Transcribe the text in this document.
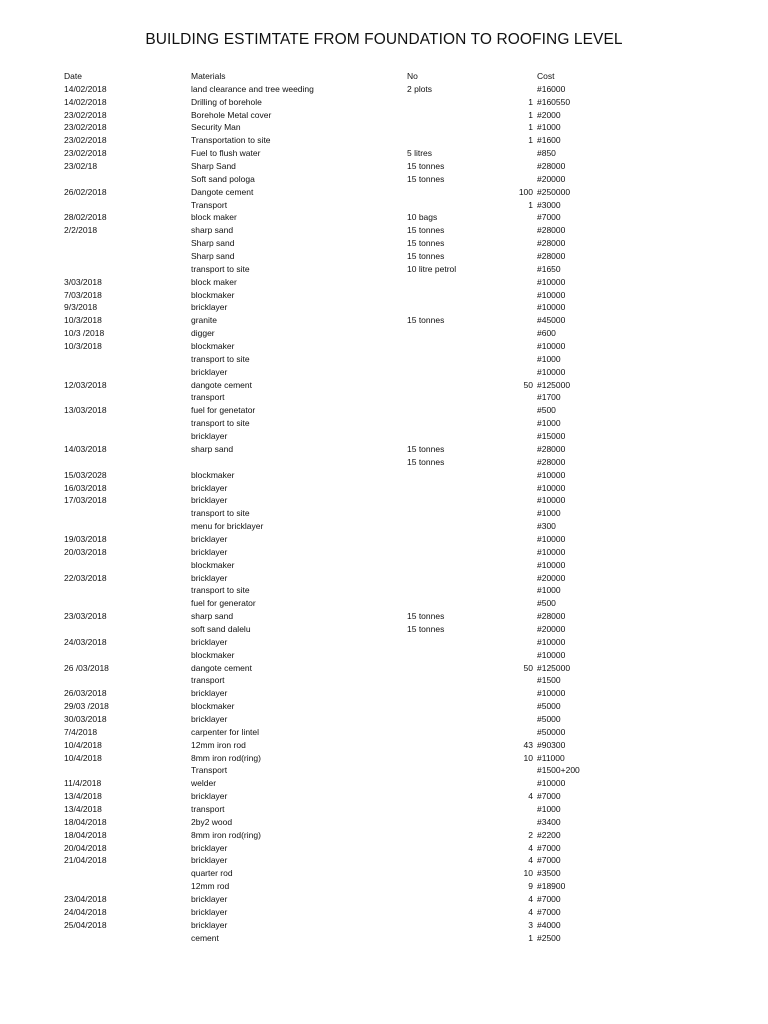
BUILDING ESTIMTATE FROM FOUNDATION TO ROOFING LEVEL
Date	Materials	No	Cost
14/02/2018	land clearance and tree weeding	2 plots	#16000
14/02/2018	Drilling of borehole	1 #160550
23/02/2018	Borehole Metal cover	1 #2000
23/02/2018	Security Man	1 #1000
23/02/2018	Transportation to site	1 #1600
23/02/2018	Fuel to flush water	5 litres	#850
23/02/18	Sharp Sand	15 tonnes	#28000
Soft sand pologa	15 tonnes	#20000
26/02/2018	Dangote cement	100 #250000
Transport	1 #3000
28/02/2018	block maker	10 bags	#7000
2/2/2018	sharp sand	15 tonnes	#28000
Sharp sand	15 tonnes	#28000
Sharp sand	15 tonnes	#28000
transport to site	10 litre petrol	#1650
3/03/2018	block maker	#10000
7/03/2018	blockmaker	#10000
9/3/2018	bricklayer	#10000
10/3/2018	granite	15 tonnes	#45000
10/3 /2018	digger	#600
10/3/2018	blockmaker	#10000
transport to site	#1000
bricklayer	#10000
12/03/2018	dangote cement	50 #125000
transport	#1700
13/03/2018	fuel for genetator	#500
transport to site	#1000
bricklayer	#15000
14/03/2018	sharp sand	15 tonnes	#28000
15 tonnes	#28000
15/03/2028	blockmaker	#10000
16/03/2018	bricklayer	#10000
17/03/2018	bricklayer	#10000
transport to site	#1000
menu for bricklayer	#300
19/03/2018	bricklayer	#10000
20/03/2018	bricklayer	#10000
blockmaker	#10000
22/03/2018	bricklayer	#20000
transport to site	#1000
fuel for generator	#500
23/03/2018	sharp sand	15 tonnes	#28000
soft sand dalelu	15 tonnes	#20000
24/03/2018	bricklayer	#10000
blockmaker	#10000
26 /03/2018	dangote cement	50 #125000
transport	#1500
26/03/2018	bricklayer	#10000
29/03 /2018	blockmaker	#5000
30/03/2018	bricklayer	#5000
7/4/2018	carpenter for lintel	#50000
10/4/2018	12mm iron rod	43 #90300
10/4/2018	8mm iron rod(ring)	10 #11000
Transport	#1500+200
11/4/2018	welder	#10000
13/4/2018	bricklayer	4 #7000
13/4/2018	transport	#1000
18/04/2018	2by2 wood	#3400
18/04/2018	8mm iron rod(ring)	2 #2200
20/04/2018	bricklayer	4 #7000
21/04/2018	bricklayer	4 #7000
quarter rod	10 #3500
12mm rod	9 #18900
23/04/2018	bricklayer	4 #7000
24/04/2018	bricklayer	4 #7000
25/04/2018	bricklayer	3 #4000
cement	1 #2500
